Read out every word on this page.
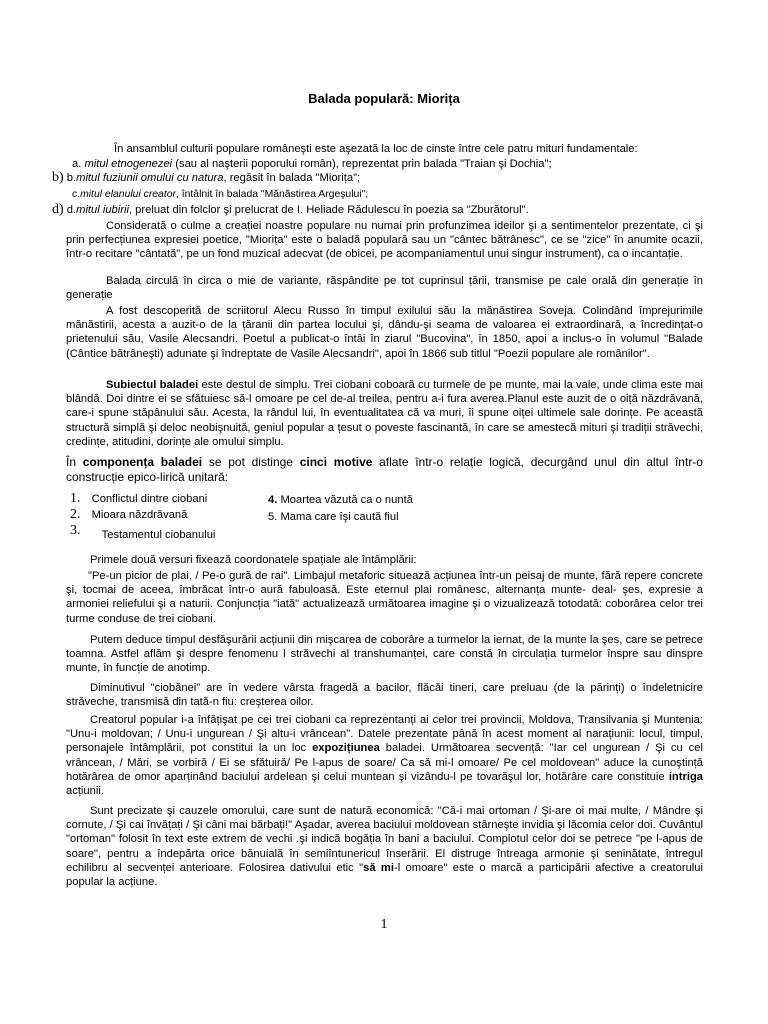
Balada populară: Miorița

În ansamblul culturii populare româneşti este aşezată la loc de cinste între cele patru mituri fundamentale:

a. mitul etnogenezei (sau al naşterii poporului român), reprezentat prin balada "Traian şi Dochia";
b) b.mitul fuziunii omului cu natura, regăsit în balada "Miorița";
c.mitul elanului creator, întâlnit în balada "Mănăstirea Argeşului";
d) d.mitul iubirii, preluat din folclor şi prelucrat de I. Heliade Rădulescu în poezia sa "Zburătorul".

Considerată o culme a creației noastre populare nu numai prin profunzimea ideilor şi a sentimentelor prezentate, ci şi prin perfecțiunea expresiei poetice, "Miorița" este o baladă populară sau un "cântec bătrânesc", ce se "zice" în anumite ocazii, într-o recitare "cântată", pe un fond muzical adecvat (de obicei, pe acompaniamentul unui singur instrument), ca o incantație.

Balada circulă în circa o mie de variante, răspândite pe tot cuprinsul țării, transmise pe cale orală din generație în generație

A fost descoperită de scriitorul Alecu Russo în timpul exilului său la mănăstirea Soveja. Colindând împrejurimile mănăstirii, acesta a auzit-o de la țăranii din partea locului şi, dându-şi seama de valoarea ei extraordinară, a încredințat-o prietenului său, Vasile Alecsandri. Poetul a publicat-o întâi în ziarul "Bucovina", în 1850, apoi a inclus-o în volumul "Balade (Cântice bătrâneşti) adunate şi îndreptate de Vasile Alecsandri", apoi în 1866 sub titlul "Poezii populare ale românilor".

Subiectul baladei este destul de simplu. Trei ciobani coboară cu turmele de pe munte, mai la vale, unde clima este mai blândă. Doi dintre ei se sfătuiesc să-l omoare pe cel de-al treilea, pentru a-i fura averea.Planul este auzit de o oiță năzdrăvană, care-i spune stăpânului său. Acesta, la rândul lui, în eventualitatea că va muri, îi spune oiței ultimele sale dorințe. Pe această structură simplă şi deloc neobişnuită, geniul popular a țesut o poveste fascinantă, în care se amestecă mituri şi tradiții străvechi, credințe, atitudini, dorințe ale omului simplu.

În componența baladei se pot distinge cinci motive aflate într-o relație logică, decurgând unul din altul într-o construcție epico-lirică unitară:

1. Conflictul dintre ciobani
2. Mioara năzdrăvană
3. Testamentul ciobanului
4. Moartea văzută ca o nuntă
5. Mama care îşi caută fiul

Primele două versuri fixează coordonatele spațiale ale întâmplării:

"Pe-un picior de plai, / Pe-o gură de rai". Limbajul metaforic situează acțiunea într-un peisaj de munte, fără repere concrete şi, tocmai de aceea, îmbrăcat într-o aură fabuloasă. Este eternul plai românesc, alternanța munte- deal- şes, expresie a armoniei reliefului şi a naturii. Conjuncția "iată" actualizează următoarea imagine şi o vizualizează totodată: coborârea celor trei turme conduse de trei ciobani.

Putem deduce timpul desfăşurării acțiunii din mişcarea de coborâre a turmelor la iernat, de la munte la şes, care se petrece toamna. Astfel aflăm şi despre fenomenu l străvechi al transhumanței, care constă în circulația turmelor înspre sau dinspre munte, în funcție de anotimp.

Diminutivul "ciobănei" are în vedere vârsta fragedă a bacilor, flăcăi tineri, care preluau (de la părinți) o îndeletnicire străveche, transmisă din tată-n fiu: creşterea oilor.

Creatorul popular i-a înfățişat pe cei trei ciobani ca reprezentanți ai celor trei provincii, Moldova, Transilvania şi Muntenia: "Unu-i moldovan; / Unu-i ungurean / Şi altu-i vrâncean". Datele prezentate până în acest moment al narațiunii: locul, timpul, personajele întâmplării, pot constitui la un loc expozițiunea baladei. Următoarea secvență: "Iar cel ungurean / Şi cu cel vrâncean, / Mări, se vorbiră / Ei se sfătuiră/ Pe l-apus de soare/ Ca să mi-l omoare/ Pe cel moldovean" aduce la cunoştință hotărârea de omor aparținând baciului ardelean şi celui muntean şi vizându-l pe tovarăşul lor, hotărâre care constituie intriga acțiunii.

Sunt precizate şi cauzele omorului, care sunt de natură economică: "Că-i mai ortoman / Şi-are oi mai multe, / Mândre şi cornute, / Şi cai învățați / Şi câni mai bărbați!" Aşadar, averea baciului moldovean stârneşte invidia şi lăcomia celor doi. Cuvântul "ortoman" folosit în text este extrem de vechi .şi indică bogăția în bani a baciului. Complotul celor doi se petrece "pe l-apus de soare", pentru a îndepărta orice bănuială în semiîntunericul înserării. El distruge întreaga armonie şi seninătate, întregul echilibru al secvenței anterioare. Folosirea dativului etic "să mi-l omoare" este o marcă a participării afective a creatorului popular la acțiune.

1
